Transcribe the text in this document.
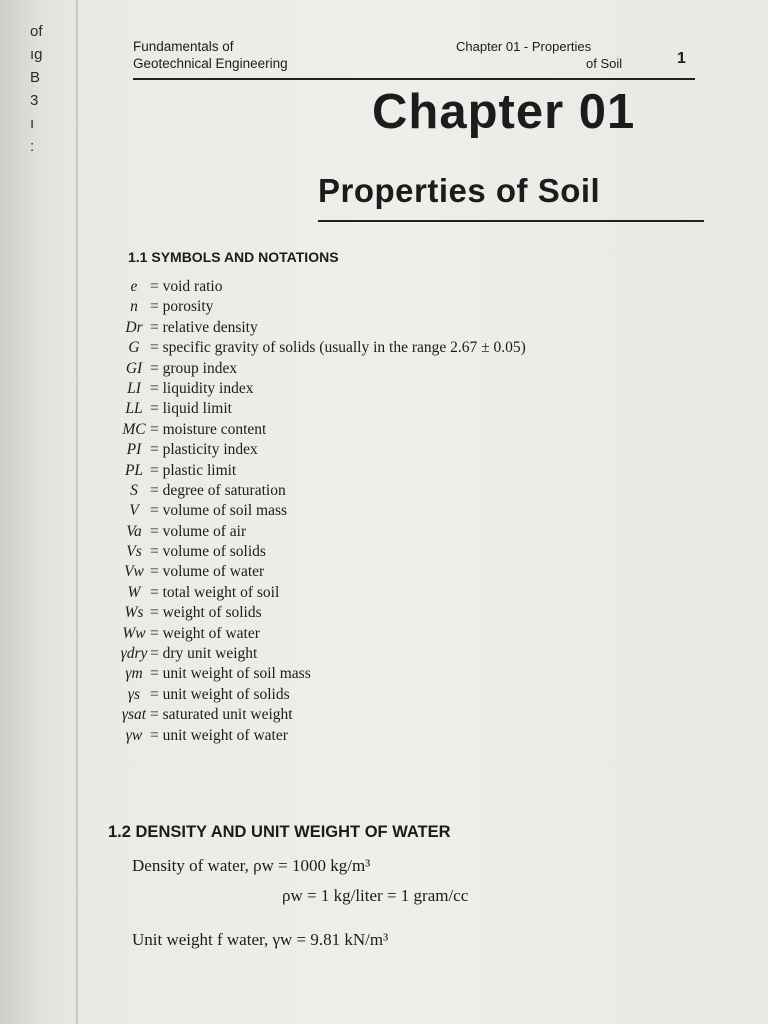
of
ıg
B
3
ı
:
Fundamentals of
Geotechnical Engineering
Chapter 01 - Properties
of Soil	1
Chapter 01
Properties of Soil
1.1 SYMBOLS AND NOTATIONS
e = void ratio
n = porosity
Dr = relative density
G = specific gravity of solids (usually in the range 2.67 ± 0.05)
GI = group index
LI = liquidity index
LL = liquid limit
MC = moisture content
PI = plasticity index
PL = plastic limit
S = degree of saturation
V = volume of soil mass
Va = volume of air
Vs = volume of solids
Vw = volume of water
W = total weight of soil
Ws = weight of solids
Ww = weight of water
γdry = dry unit weight
γm = unit weight of soil mass
γs = unit weight of solids
γsat = saturated unit weight
γw = unit weight of water
1.2 DENSITY AND UNIT WEIGHT OF WATER
Density of water, ρw = 1000 kg/m³
ρw = 1 kg/liter = 1 gram/cc
Unit weight f water, γw = 9.81 kN/m³
